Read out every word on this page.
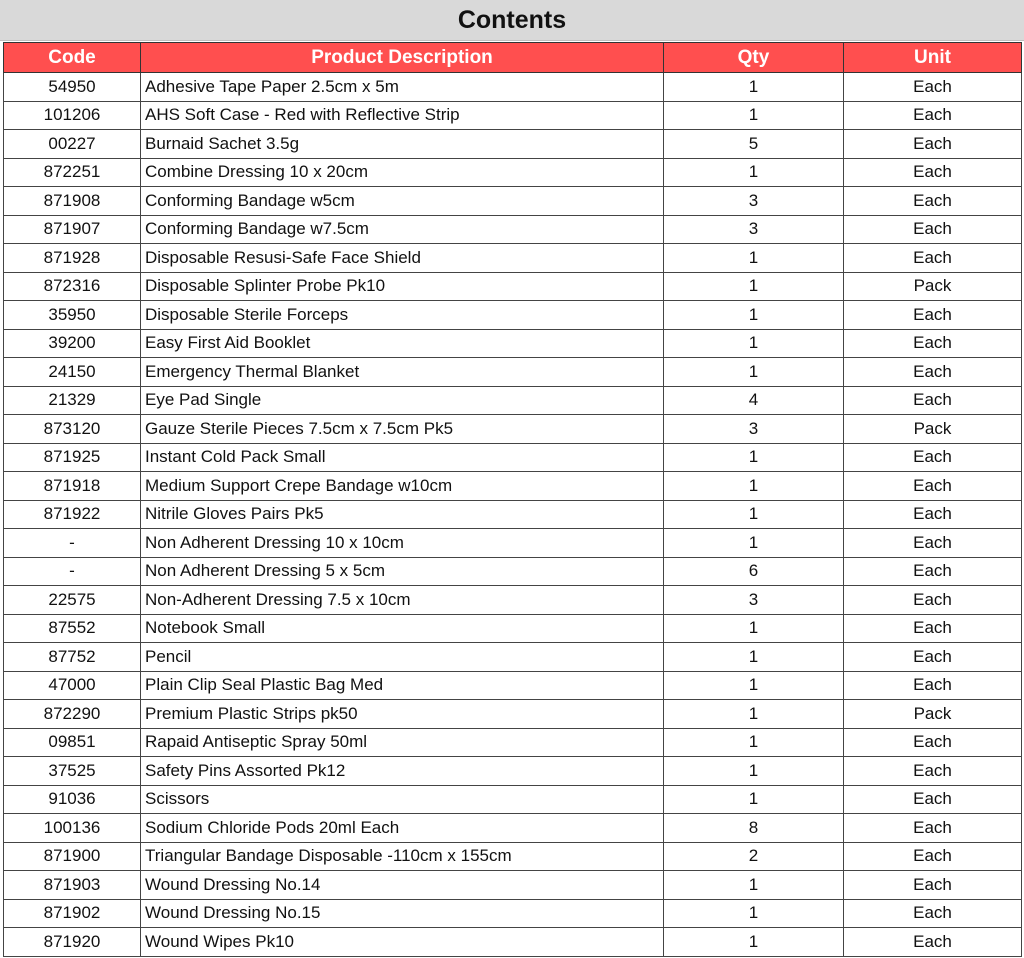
Contents
Code	Product Description	Qty	Unit
54950	Adhesive Tape Paper 2.5cm x 5m	1	Each
101206	AHS Soft Case - Red with Reflective Strip	1	Each
00227	Burnaid Sachet 3.5g	5	Each
872251	Combine Dressing 10 x 20cm	1	Each
871908	Conforming Bandage w5cm	3	Each
871907	Conforming Bandage w7.5cm	3	Each
871928	Disposable Resusi-Safe Face Shield	1	Each
872316	Disposable Splinter Probe Pk10	1	Pack
35950	Disposable Sterile Forceps	1	Each
39200	Easy First Aid Booklet	1	Each
24150	Emergency Thermal Blanket	1	Each
21329	Eye Pad Single	4	Each
873120	Gauze Sterile Pieces 7.5cm x 7.5cm Pk5	3	Pack
871925	Instant Cold Pack Small	1	Each
871918	Medium Support Crepe Bandage w10cm	1	Each
871922	Nitrile Gloves Pairs Pk5	1	Each
-	Non Adherent Dressing 10 x 10cm	1	Each
-	Non Adherent Dressing 5 x 5cm	6	Each
22575	Non-Adherent Dressing 7.5 x 10cm	3	Each
87552	Notebook Small	1	Each
87752	Pencil	1	Each
47000	Plain Clip Seal Plastic Bag Med	1	Each
872290	Premium Plastic Strips pk50	1	Pack
09851	Rapaid Antiseptic Spray 50ml	1	Each
37525	Safety Pins Assorted Pk12	1	Each
91036	Scissors	1	Each
100136	Sodium Chloride Pods 20ml Each	8	Each
871900	Triangular Bandage Disposable -110cm x 155cm	2	Each
871903	Wound Dressing No.14	1	Each
871902	Wound Dressing No.15	1	Each
871920	Wound Wipes Pk10	1	Each
